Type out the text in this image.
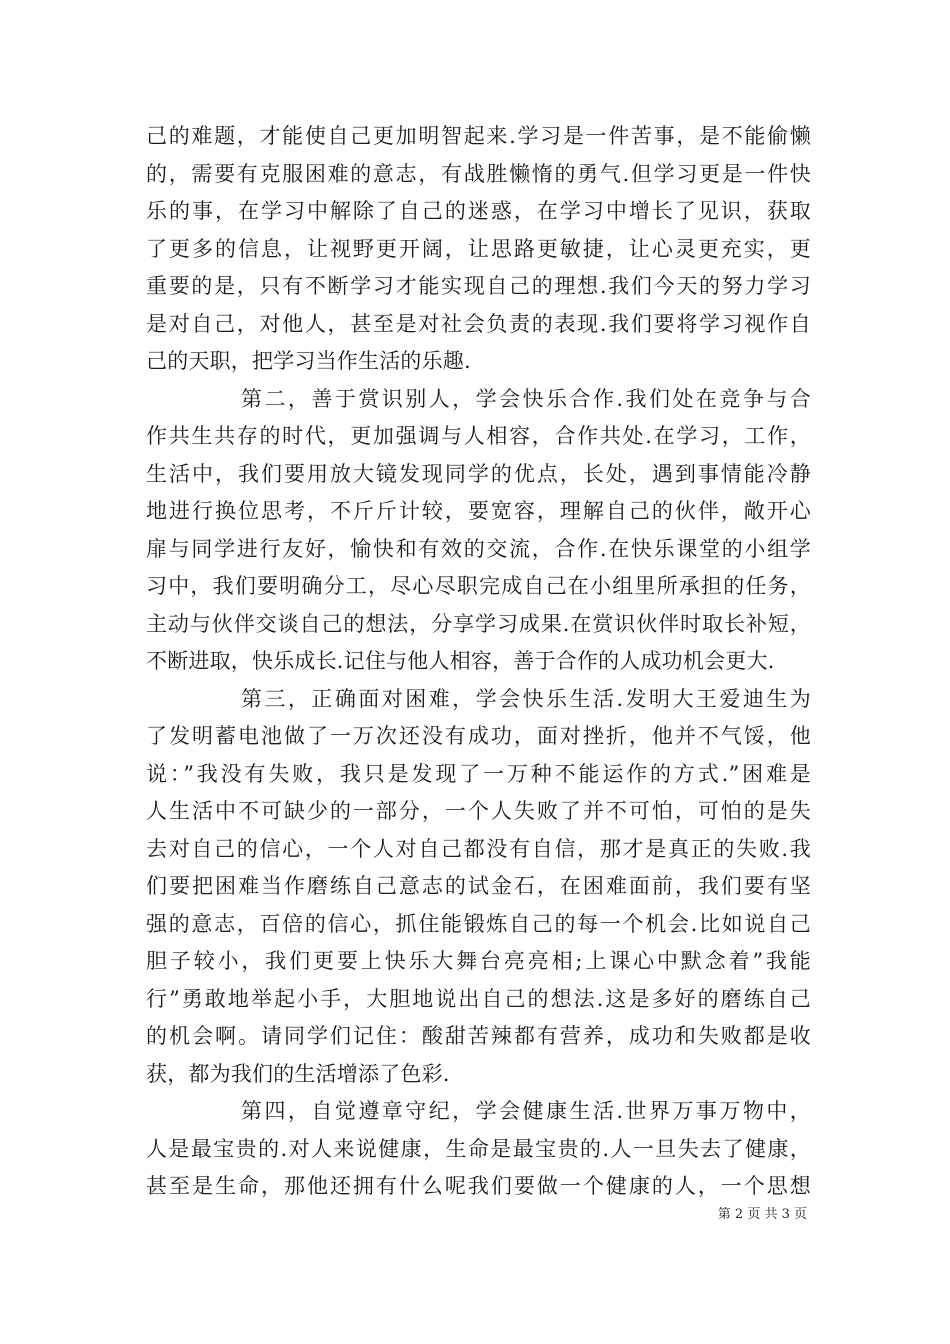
己的难题，才能使自己更加明智起来.学习是一件苦事，是不能偷懒
的，需要有克服困难的意志，有战胜懒惰的勇气.但学习更是一件快
乐的事，在学习中解除了自己的迷惑，在学习中增长了见识，获取
了更多的信息，让视野更开阔，让思路更敏捷，让心灵更充实，更
重要的是，只有不断学习才能实现自己的理想.我们今天的努力学习
是对自己，对他人，甚至是对社会负责的表现.我们要将学习视作自
己的天职，把学习当作生活的乐趣.
第二，善于赏识别人，学会快乐合作.我们处在竞争与合
作共生共存的时代，更加强调与人相容，合作共处.在学习，工作，
生活中，我们要用放大镜发现同学的优点，长处，遇到事情能冷静
地进行换位思考，不斤斤计较，要宽容，理解自己的伙伴，敞开心
扉与同学进行友好，愉快和有效的交流，合作.在快乐课堂的小组学
习中，我们要明确分工，尽心尽职完成自己在小组里所承担的任务，
主动与伙伴交谈自己的想法，分享学习成果.在赏识伙伴时取长补短，
不断进取，快乐成长.记住与他人相容，善于合作的人成功机会更大.
第三，正确面对困难，学会快乐生活.发明大王爱迪生为
了发明蓄电池做了一万次还没有成功，面对挫折，他并不气馁，他
说：”我没有失败，我只是发现了一万种不能运作的方式.”困难是
人生活中不可缺少的一部分，一个人失败了并不可怕，可怕的是失
去对自己的信心，一个人对自己都没有自信，那才是真正的失败.我
们要把困难当作磨练自己意志的试金石，在困难面前，我们要有坚
强的意志，百倍的信心，抓住能锻炼自己的每一个机会.比如说自己
胆子较小，我们更要上快乐大舞台亮亮相;上课心中默念着”我能
行”勇敢地举起小手，大胆地说出自己的想法.这是多好的磨练自己
的机会啊。请同学们记住：酸甜苦辣都有营养，成功和失败都是收
获，都为我们的生活增添了色彩.
第四，自觉遵章守纪，学会健康生活.世界万事万物中，
人是最宝贵的.对人来说健康，生命是最宝贵的.人一旦失去了健康，
甚至是生命，那他还拥有什么呢我们要做一个健康的人，一个思想
第 2 页 共 3 页
